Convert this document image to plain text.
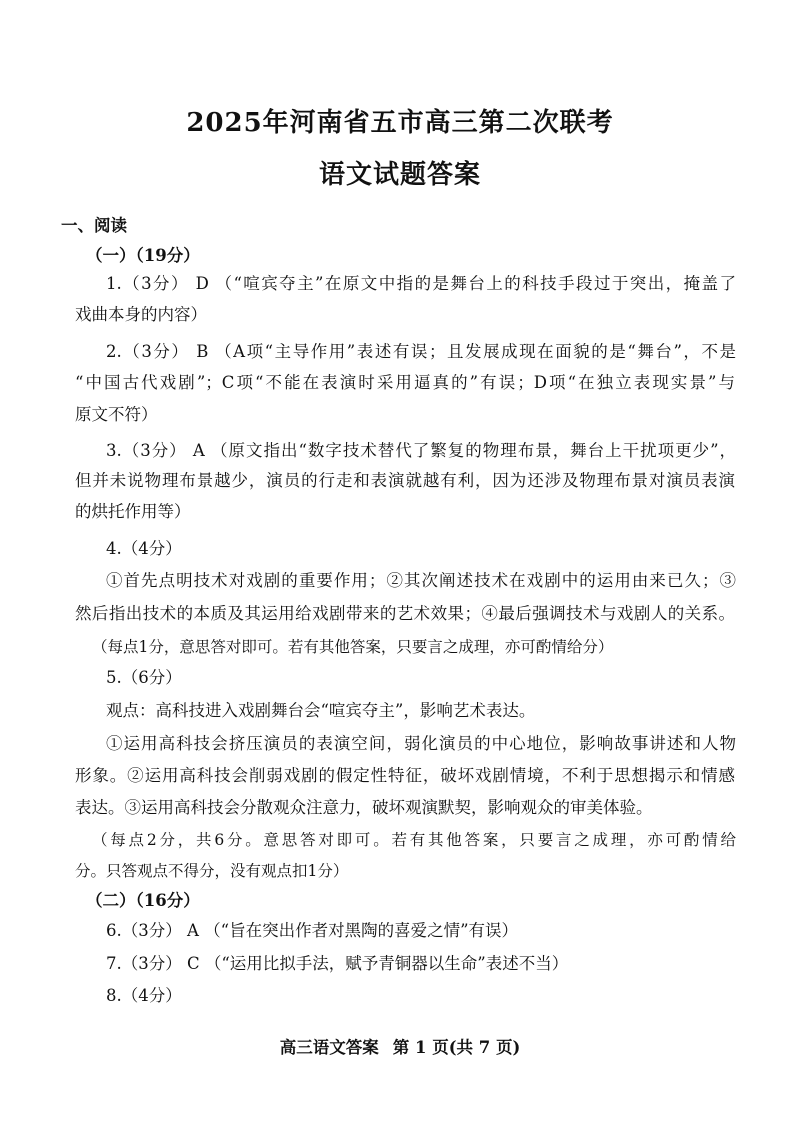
2025年河南省五市高三第二次联考
语文试题答案
一、阅读
（一）（19分）
1.（3分） D （“喧宾夺主”在原文中指的是舞台上的科技手段过于突出，掩盖了
戏曲本身的内容）
2.（3分） B （A项“主导作用”表述有误；且发展成现在面貌的是“舞台”，不是
“中国古代戏剧”；C项“不能在表演时采用逼真的”有误；D项“在独立表现实景”与
原文不符）
3.（3分） A （原文指出“数字技术替代了繁复的物理布景，舞台上干扰项更少”，
但并未说物理布景越少，演员的行走和表演就越有利，因为还涉及物理布景对演员表演
的烘托作用等）
4.（4分）
①首先点明技术对戏剧的重要作用；②其次阐述技术在戏剧中的运用由来已久；③
然后指出技术的本质及其运用给戏剧带来的艺术效果；④最后强调技术与戏剧人的关系。
（每点1分，意思答对即可。若有其他答案，只要言之成理，亦可酌情给分）
5.（6分）
观点：高科技进入戏剧舞台会“喧宾夺主”，影响艺术表达。
①运用高科技会挤压演员的表演空间，弱化演员的中心地位，影响故事讲述和人物
形象。②运用高科技会削弱戏剧的假定性特征，破坏戏剧情境，不利于思想揭示和情感
表达。③运用高科技会分散观众注意力，破坏观演默契，影响观众的审美体验。
（每点2分，共6分。意思答对即可。若有其他答案，只要言之成理，亦可酌情给
分。只答观点不得分，没有观点扣1分）
（二）（16分）
6.（3分） A （“旨在突出作者对黑陶的喜爱之情”有误）
7.（3分） C （“运用比拟手法，赋予青铜器以生命”表述不当）
8.（4分）
高三语文答案 第 1 页(共 7 页)
